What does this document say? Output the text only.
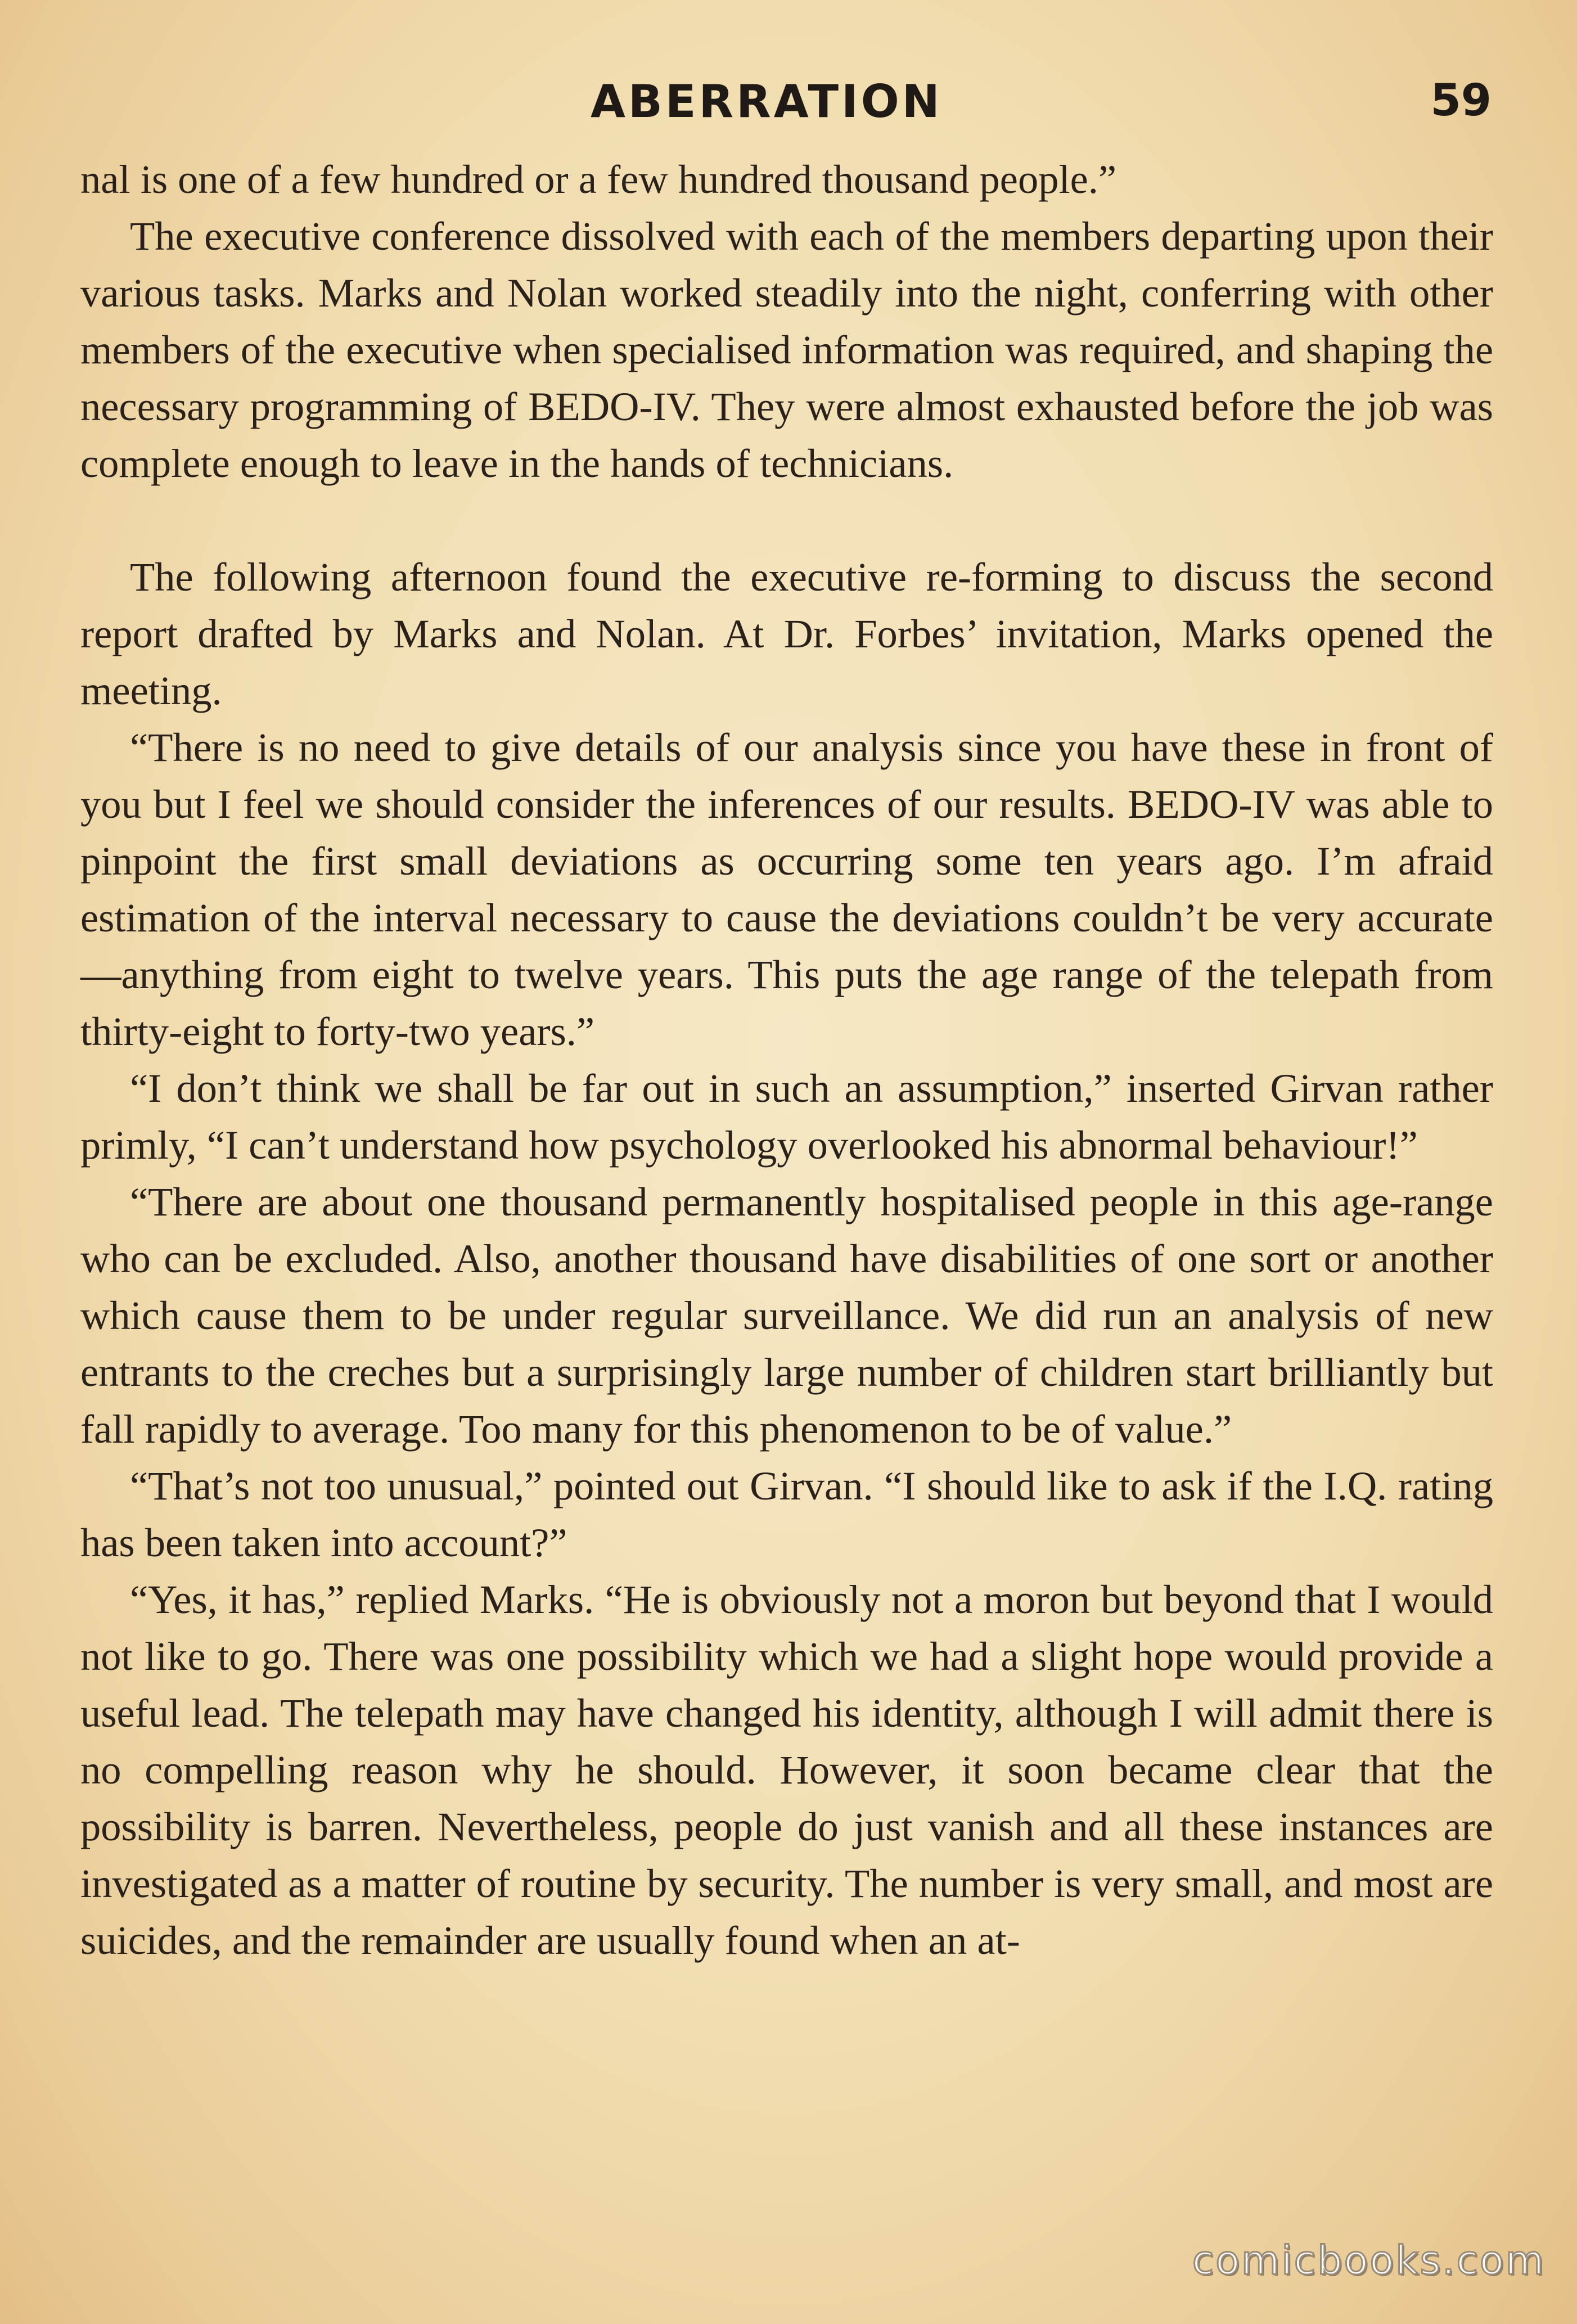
ABERRATION	59

nal is one of a few hundred or a few hundred thousand people.”

The executive conference dissolved with each of the members departing upon their various tasks. Marks and Nolan worked steadily into the night, conferring with other members of the executive when specialised information was required, and shaping the necessary programming of BEDO-IV. They were almost exhausted before the job was complete enough to leave in the hands of technicians.

The following afternoon found the executive re-forming to discuss the second report drafted by Marks and Nolan. At Dr. Forbes’ invitation, Marks opened the meeting.

“There is no need to give details of our analysis since you have these in front of you but I feel we should consider the inferences of our results. BEDO-IV was able to pinpoint the first small deviations as occurring some ten years ago. I’m afraid estimation of the interval necessary to cause the deviations couldn’t be very accurate—anything from eight to twelve years. This puts the age range of the telepath from thirty-eight to forty-two years.”

“I don’t think we shall be far out in such an assumption,” inserted Girvan rather primly, “I can’t understand how psychology overlooked his abnormal behaviour!”

“There are about one thousand permanently hospitalised people in this age-range who can be excluded. Also, another thousand have disabilities of one sort or another which cause them to be under regular surveillance. We did run an analysis of new entrants to the creches but a surprisingly large number of children start brilliantly but fall rapidly to average. Too many for this phenomenon to be of value.”

“That’s not too unusual,” pointed out Girvan. “I should like to ask if the I.Q. rating has been taken into account?”

“Yes, it has,” replied Marks. “He is obviously not a moron but beyond that I would not like to go. There was one possibility which we had a slight hope would provide a useful lead. The telepath may have changed his identity, although I will admit there is no compelling reason why he should. However, it soon became clear that the possibility is barren. Nevertheless, people do just vanish and all these instances are investigated as a matter of routine by security. The number is very small, and most are suicides, and the remainder are usually found when an at-

comicbooks.com
